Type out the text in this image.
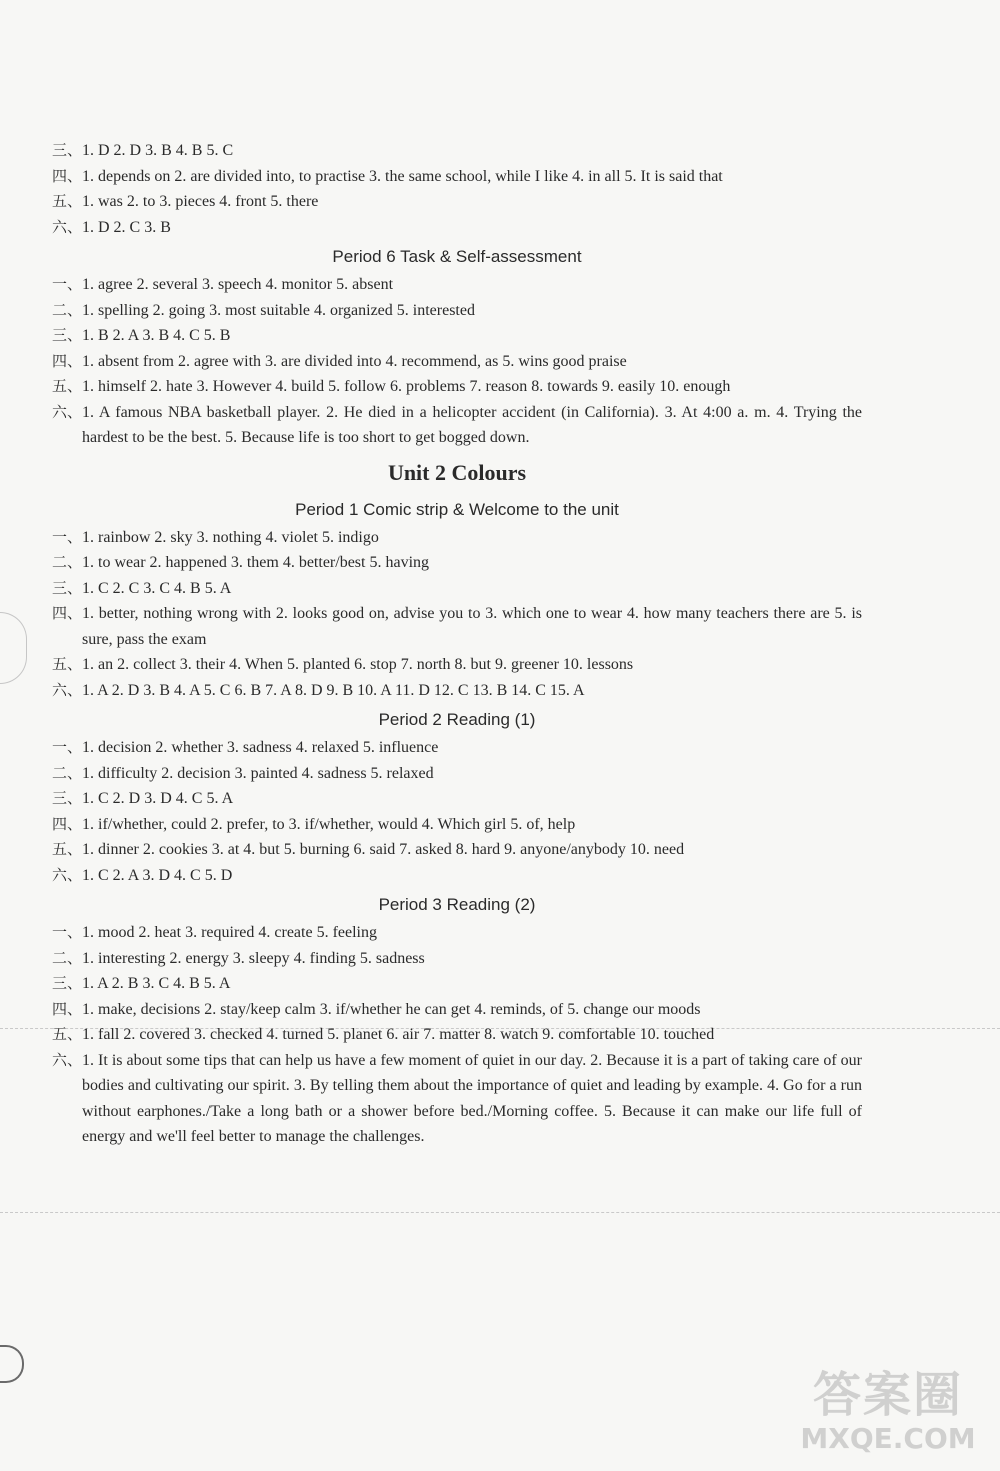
三、 1. D 2. D 3. B 4. B 5. C
四、 1. depends on 2. are divided into, to practise 3. the same school, while I like 4. in all 5. It is said that
五、 1. was 2. to 3. pieces 4. front 5. there
六、 1. D 2. C 3. B
Period 6 Task & Self-assessment
一、 1. agree 2. several 3. speech 4. monitor 5. absent
二、 1. spelling 2. going 3. most suitable 4. organized 5. interested
三、 1. B 2. A 3. B 4. C 5. B
四、 1. absent from 2. agree with 3. are divided into 4. recommend, as 5. wins good praise
五、 1. himself 2. hate 3. However 4. build 5. follow 6. problems 7. reason 8. towards 9. easily 10. enough
六、 1. A famous NBA basketball player. 2. He died in a helicopter accident (in California). 3. At 4:00 a. m. 4. Trying the hardest to be the best. 5. Because life is too short to get bogged down.
Unit 2 Colours
Period 1 Comic strip & Welcome to the unit
一、 1. rainbow 2. sky 3. nothing 4. violet 5. indigo
二、 1. to wear 2. happened 3. them 4. better/best 5. having
三、 1. C 2. C 3. C 4. B 5. A
四、 1. better, nothing wrong with 2. looks good on, advise you to 3. which one to wear 4. how many teachers there are 5. is sure, pass the exam
五、 1. an 2. collect 3. their 4. When 5. planted 6. stop 7. north 8. but 9. greener 10. lessons
六、 1. A 2. D 3. B 4. A 5. C 6. B 7. A 8. D 9. B 10. A 11. D 12. C 13. B 14. C 15. A
Period 2 Reading (1)
一、 1. decision 2. whether 3. sadness 4. relaxed 5. influence
二、 1. difficulty 2. decision 3. painted 4. sadness 5. relaxed
三、 1. C 2. D 3. D 4. C 5. A
四、 1. if/whether, could 2. prefer, to 3. if/whether, would 4. Which girl 5. of, help
五、 1. dinner 2. cookies 3. at 4. but 5. burning 6. said 7. asked 8. hard 9. anyone/anybody 10. need
六、 1. C 2. A 3. D 4. C 5. D
Period 3 Reading (2)
一、 1. mood 2. heat 3. required 4. create 5. feeling
二、 1. interesting 2. energy 3. sleepy 4. finding 5. sadness
三、 1. A 2. B 3. C 4. B 5. A
四、 1. make, decisions 2. stay/keep calm 3. if/whether he can get 4. reminds, of 5. change our moods
五、 1. fall 2. covered 3. checked 4. turned 5. planet 6. air 7. matter 8. watch 9. comfortable 10. touched
六、 1. It is about some tips that can help us have a few moment of quiet in our day. 2. Because it is a part of taking care of our bodies and cultivating our spirit. 3. By telling them about the importance of quiet and leading by example. 4. Go for a run without earphones./Take a long bath or a shower before bed./Morning coffee. 5. Because it can make our life full of energy and we'll feel better to manage the challenges.
答案圈
MXQE.COM
